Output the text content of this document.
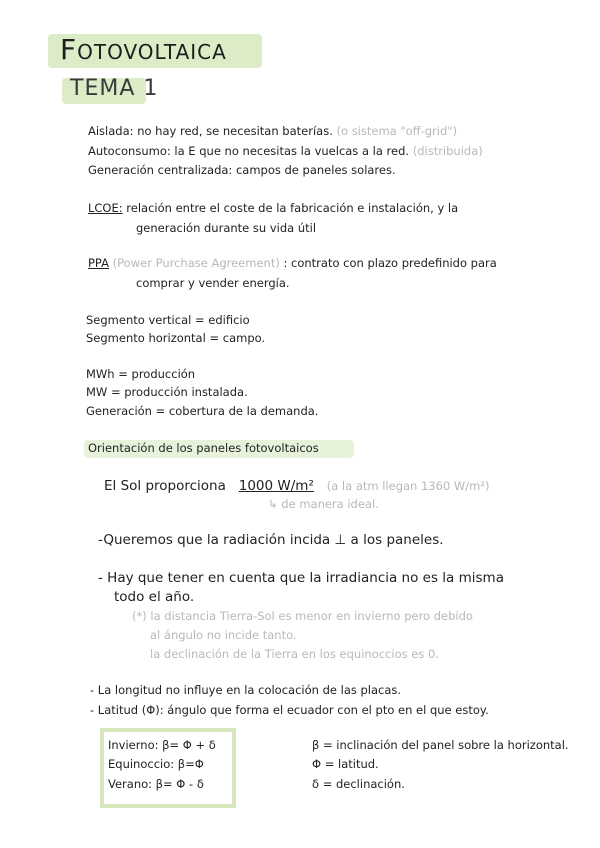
Fotovoltaica
TEMA 1
Aislada: no hay red, se necesitan baterías. (o sistema "off-grid")
Autoconsumo: la E que no necesitas la vuelcas a la red. (distribuida)
Generación centralizada: campos de paneles solares.
LCOE: relación entre el coste de la fabricación e instalación, y la
generación durante su vida útil
PPA (Power Purchase Agreement) : contrato con plazo predefinido para
comprar y vender energía.
Segmento vertical = edificio
Segmento horizontal = campo.
MWh = producción
MW = producción instalada.
Generación = cobertura de la demanda.
Orientación de los paneles fotovoltaicos
El Sol proporciona 1000 W/m² (a la atm llegan 1360 W/m²)
↳ de manera ideal.
-Queremos que la radiación incida ⊥ a los paneles.
- Hay que tener en cuenta que la irradiancia no es la misma
todo el año.
(*) la distancia Tierra-Sol es menor en invierno pero debido
al ángulo no incide tanto.
la declinación de la Tierra en los equinoccios es 0.
- La longitud no influye en la colocación de las placas.
- Latitud (Φ): ángulo que forma el ecuador con el pto en el que estoy.
Invierno: β= Φ + δ
Equinoccio: β=Φ
Verano: β= Φ - δ
β = inclinación del panel sobre la horizontal.
Φ = latitud.
δ = declinación.
